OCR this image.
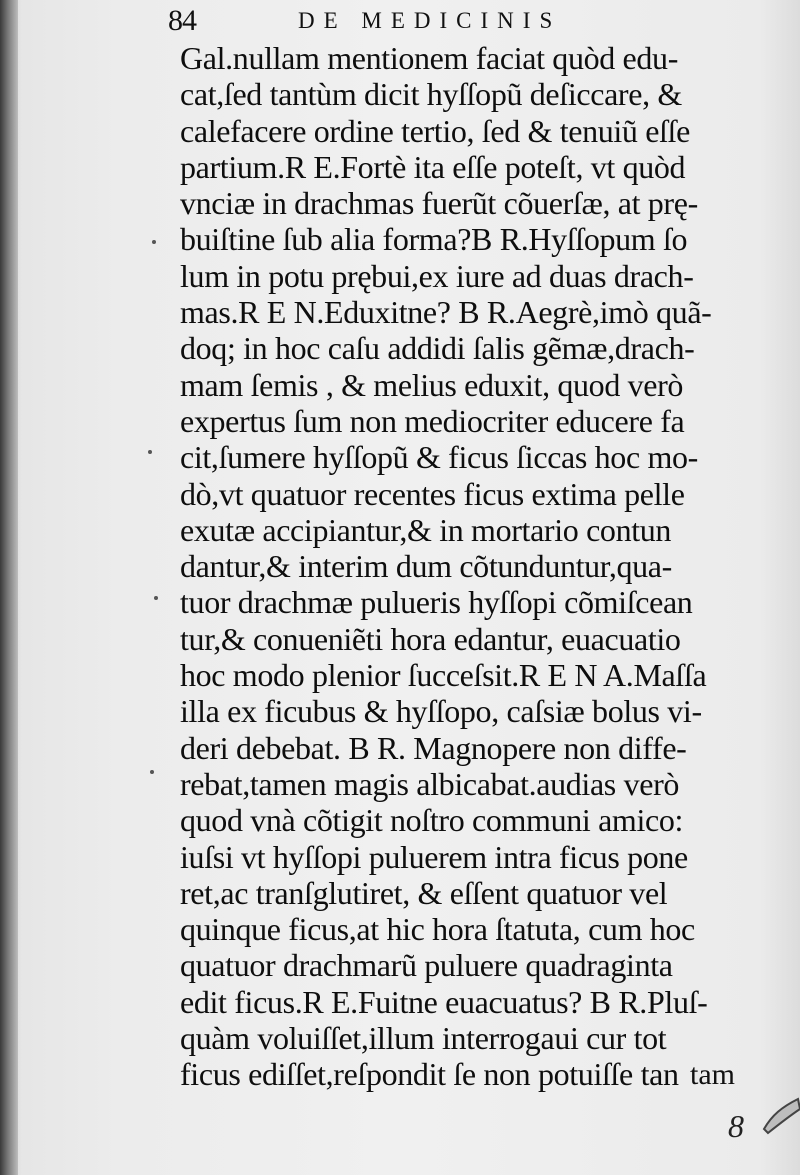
84	DE MEDICINIS
Gal.nullam mentionem faciat quòd edu-
cat,ſed tantùm dicit hyſſopũ deſiccare, &
calefacere ordine tertio, ſed & tenuiũ eſſe
partium.R E.Fortè ita eſſe poteſt, vt quòd
vnciæ in drachmas fuerũt cõuerſæ, at prę-
buiſtine ſub alia forma?B R.Hyſſopum ſo
lum in potu prębui,ex iure ad duas drach-
mas.R E N.Eduxitne? B R.Aegrè,imò quã-
doq; in hoc caſu addidi ſalis gẽmæ,drach-
mam ſemis , & melius eduxit, quod verò
expertus ſum non mediocriter educere fa
cit,ſumere hyſſopũ & ficus ſiccas hoc mo-
dò,vt quatuor recentes ficus extima pelle
exutæ accipiantur,& in mortario contun
dantur,& interim dum cõtunduntur,qua-
tuor drachmæ pulueris hyſſopi cõmiſcean
tur,& conueniẽti hora edantur, euacuatio
hoc modo plenior ſucceſsit.R E N A.Maſſa
illa ex ficubus & hyſſopo, caſsiæ bolus vi-
deri debebat. B R. Magnopere non diffe-
rebat,tamen magis albicabat.audias verò
quod vnà cõtigit noſtro communi amico:
iuſsi vt hyſſopi puluerem intra ficus pone
ret,ac tranſglutiret, & eſſent quatuor vel
quinque ficus,at hic hora ſtatuta, cum hoc
quatuor drachmarũ puluere quadraginta
edit ficus.R E.Fuitne euacuatus? B R.Pluſ-
quàm voluiſſet,illum interrogaui cur tot
ficus ediſſet,reſpondit ſe non potuiſſe tan tam
8
